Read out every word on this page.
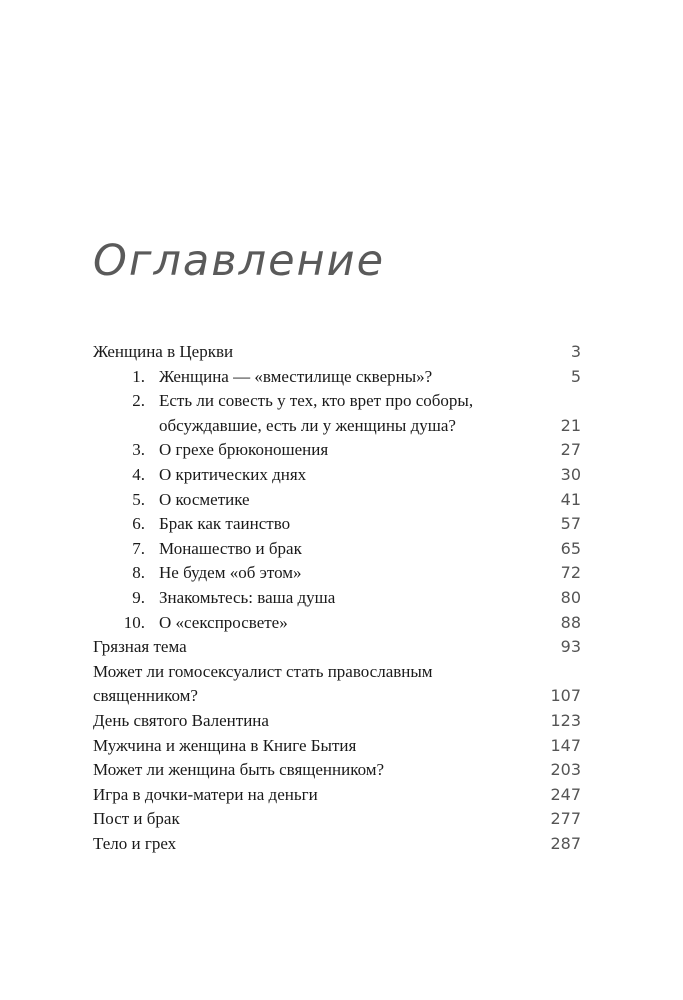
Оглавление
Женщина в Церкви	3
1. Женщина — «вместилище скверны»?	5
2. Есть ли совесть у тех, кто врет про соборы,
обсуждавшие, есть ли у женщины душа?	21
3. О грехе брюконошения	27
4. О критических днях	30
5. О косметике	41
6. Брак как таинство	57
7. Монашество и брак	65
8. Не будем «об этом»	72
9. Знакомьтесь: ваша душа	80
10. О «секспросвете»	88
Грязная тема	93
Может ли гомосексуалист стать православным
священником?	107
День святого Валентина	123
Мужчина и женщина в Книге Бытия	147
Может ли женщина быть священником?	203
Игра в дочки-матери на деньги	247
Пост и брак	277
Тело и грех	287
